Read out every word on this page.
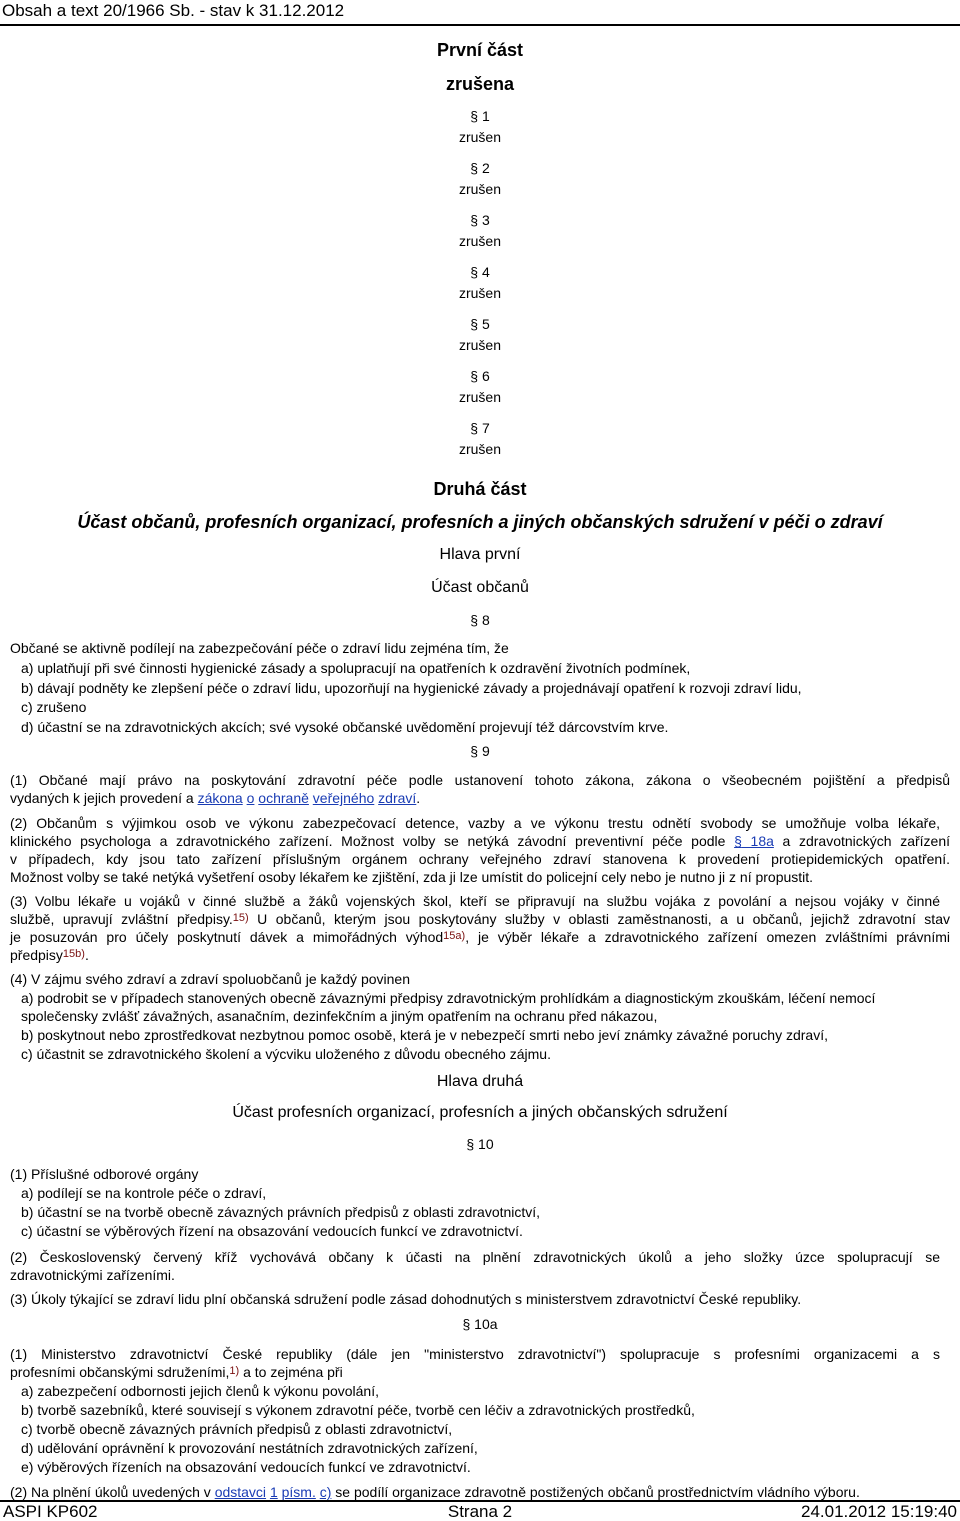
Obsah a text 20/1966 Sb. - stav k 31.12.2012
První část
zrušena
§ 1
zrušen
§ 2
zrušen
§ 3
zrušen
§ 4
zrušen
§ 5
zrušen
§ 6
zrušen
§ 7
zrušen
Druhá část
Účast občanů, profesních organizací, profesních a jiných občanských sdružení v péči o zdraví
Hlava první
Účast občanů
§ 8
Občané se aktivně podílejí na zabezpečování péče o zdraví lidu zejména tím, že
a) uplatňují při své činnosti hygienické zásady a spolupracují na opatřeních k ozdravění životních podmínek,
b) dávají podněty ke zlepšení péče o zdraví lidu, upozorňují na hygienické závady a projednávají opatření k rozvoji zdraví lidu,
c) zrušeno
d) účastní se na zdravotnických akcích; své vysoké občanské uvědomění projevují též dárcovstvím krve.
§ 9
(1) Občané mají právo na poskytování zdravotní péče podle ustanovení tohoto zákona, zákona o všeobecném pojištění a předpisů
vydaných k jejich provedení a zákona o ochraně veřejného zdraví.
(2) Občanům s výjimkou osob ve výkonu zabezpečovací detence, vazby a ve výkonu trestu odnětí svobody se umožňuje volba lékaře,
klinického psychologa a zdravotnického zařízení. Možnost volby se netýká závodní preventivní péče podle § 18a a zdravotnických zařízení
v případech, kdy jsou tato zařízení příslušným orgánem ochrany veřejného zdraví stanovena k provedení protiepidemických opatření.
Možnost volby se také netýká vyšetření osoby lékařem ke zjištění, zda ji lze umístit do policejní cely nebo je nutno ji z ní propustit.
(3) Volbu lékaře u vojáků v činné službě a žáků vojenských škol, kteří se připravují na službu vojáka z povolání a nejsou vojáky v činné
službě, upravují zvláštní předpisy.$^{15)}$ U občanů, kterým jsou poskytovány služby v oblasti zaměstnanosti, a u občanů, jejichž zdravotní stav
je posuzován pro účely poskytnutí dávek a mimořádných výhod$^{15a)}$, je výběr lékaře a zdravotnického zařízení omezen zvláštními právními
předpisy$^{15b)}$.
(4) V zájmu svého zdraví a zdraví spoluobčanů je každý povinen
a) podrobit se v případech stanovených obecně závaznými předpisy zdravotnickým prohlídkám a diagnostickým zkouškám, léčení nemocí
společensky zvlášť závažných, asanačním, dezinfekčním a jiným opatřením na ochranu před nákazou,
b) poskytnout nebo zprostředkovat nezbytnou pomoc osobě, která je v nebezpečí smrti nebo jeví známky závažné poruchy zdraví,
c) účastnit se zdravotnického školení a výcviku uloženého z důvodu obecného zájmu.
Hlava druhá
Účast profesních organizací, profesních a jiných občanských sdružení
§ 10
(1) Příslušné odborové orgány
a) podílejí se na kontrole péče o zdraví,
b) účastní se na tvorbě obecně závazných právních předpisů z oblasti zdravotnictví,
c) účastní se výběrových řízení na obsazování vedoucích funkcí ve zdravotnictví.
(2) Československý červený kříž vychovává občany k účasti na plnění zdravotnických úkolů a jeho složky úzce spolupracují se
zdravotnickými zařízeními.
(3) Úkoly týkající se zdraví lidu plní občanská sdružení podle zásad dohodnutých s ministerstvem zdravotnictví České republiky.
§ 10a
(1) Ministerstvo zdravotnictví České republiky (dále jen "ministerstvo zdravotnictví") spolupracuje s profesními organizacemi a s
profesními občanskými sdruženími,$^{1)}$ a to zejména při
a) zabezpečení odbornosti jejich členů k výkonu povolání,
b) tvorbě sazebníků, které souvisejí s výkonem zdravotní péče, tvorbě cen léčiv a zdravotnických prostředků,
c) tvorbě obecně závazných právních předpisů z oblasti zdravotnictví,
d) udělování oprávnění k provozování nestátních zdravotnických zařízení,
e) výběrových řízeních na obsazování vedoucích funkcí ve zdravotnictví.
(2) Na plnění úkolů uvedených v odstavci 1 písm. c) se podílí organizace zdravotně postižených občanů prostřednictvím vládního výboru.
Strana 2
ASPI KP602	24.01.2012 15:19:40
